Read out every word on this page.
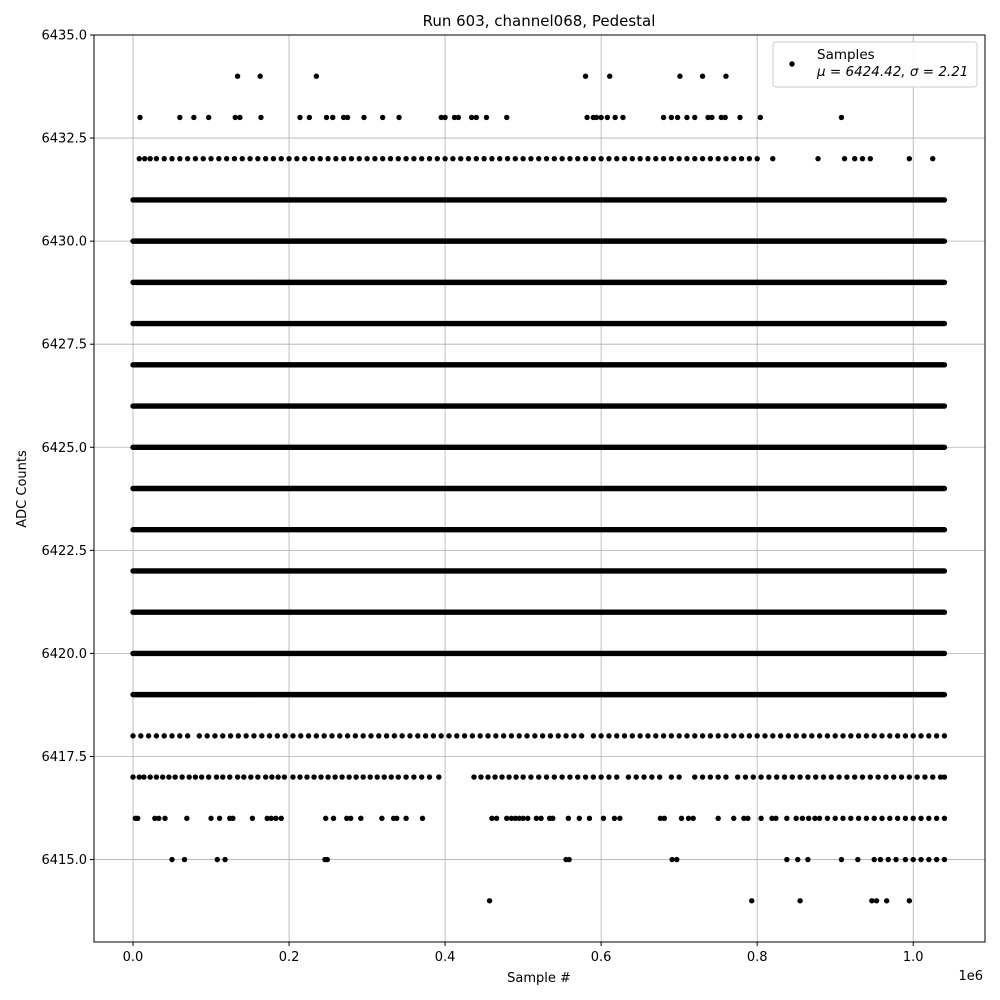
0.0	0.2	0.4	0.6	0.8	1.0
6415.0
6417.5
6420.0
6422.5
6425.0
6427.5
6430.0
6432.5
6435.0
Run 603, channel068, Pedestal
Sample #
ADC Counts
1e6
Samples
μ = 6424.42, σ = 2.21
